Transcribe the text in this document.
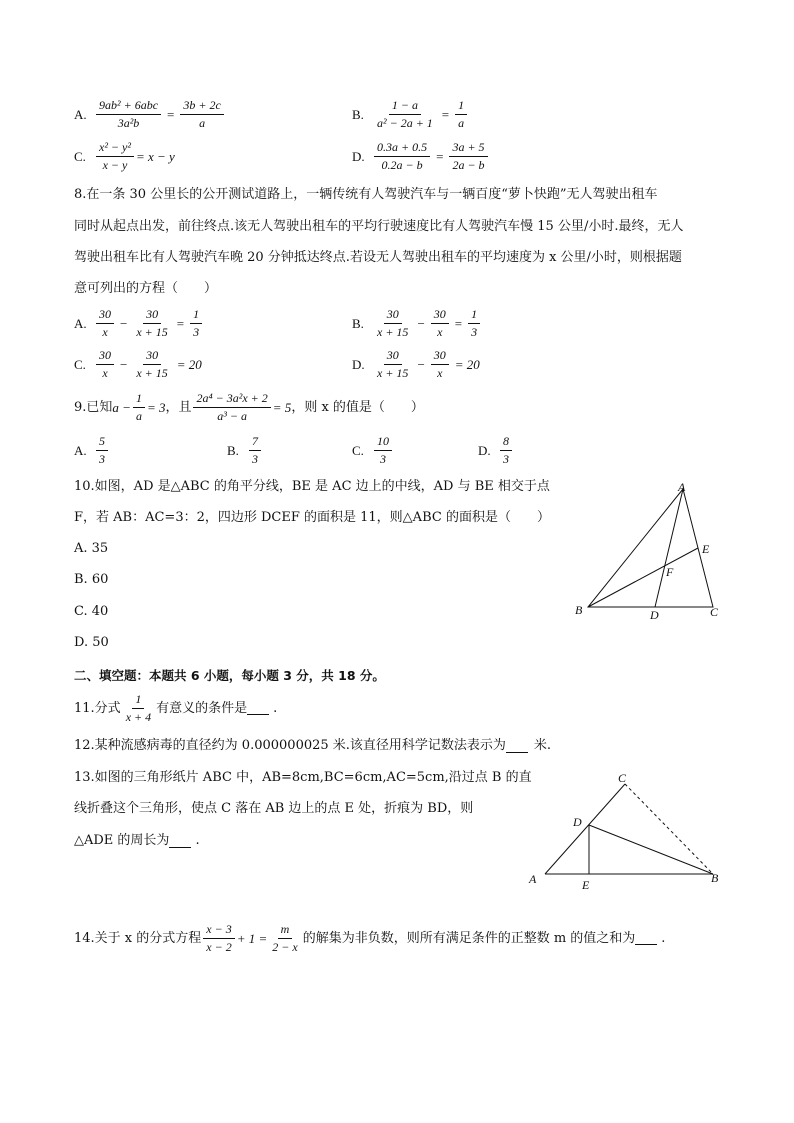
A. $\frac{\text{9ab² + 6abc}}{\text{3a²b}} = \frac{3b + 2c}{a}$	B. $\frac{1 - a}{\text{a² − 2a + 1}} = \frac{1}{a}$
C. $\frac{\text{x² − y²}}{x - y} = x - y$	D. $\frac{0.3a + 0.5}{0.2a - b} = \frac{3a + 5}{2a - b}$
8.在一条 30 公里长的公开测试道路上，一辆传统有人驾驶汽车与一辆百度“萝卜快跑”无人驾驶出租车
同时从起点出发，前往终点.该无人驾驶出租车的平均行驶速度比有人驾驶汽车慢 15 公里/小时.最终，无人
驾驶出租车比有人驾驶汽车晚 20 分钟抵达终点.若设无人驾驶出租车的平均速度为 x 公里/小时，则根据题
意可列出的方程（　　）
A. $\frac{30}{x} - \frac{30}{x + 15} = \frac{1}{3}$	B. $\frac{30}{x + 15} - \frac{30}{x} = \frac{1}{3}$
C. $\frac{30}{x} - \frac{30}{x + 15} = 20$	D. $\frac{30}{x + 15} - \frac{30}{x} = 20$
9.已知 $a - \frac{1}{a} = 3$ ，且 $\frac{\text{2a⁴ − 3a²x + 2}}{\text{a³ − a}} = 5$ ，则 x 的值是（　　）
A. $\frac{5}{3}$	B. $\frac{7}{3}$	C. $\frac{10}{3}$	D. $\frac{8}{3}$
10.如图，AD 是△ABC 的角平分线，BE 是 AC 边上的中线，AD 与 BE 相交于点
F，若 AB：AC=3：2，四边形 DCEF 的面积是 11，则△ABC 的面积是（　　）
A. 35
B. 60
C. 40
D. 50
A
B	C
D
E
F
二、填空题：本题共 6 小题，每小题 3 分，共 18 分。
11.分式 $\frac{1}{x + 4}$ 有意义的条件是 .
12.某种流感病毒的直径约为 0.000000025 米.该直径用科学记数法表示为 米.
13.如图的三角形纸片 ABC 中，AB=8cm,BC=6cm,AC=5cm,沿过点 B 的直
线折叠这个三角形，使点 C 落在 AB 边上的点 E 处，折痕为 BD，则
△ADE 的周长为 .
A	B
C
D
E
14.关于 x 的分式方程 $\frac{x - 3}{x - 2} + 1 = \frac{m}{2 - x}$ 的解集为非负数，则所有满足条件的正整数 m 的值之和为 .
